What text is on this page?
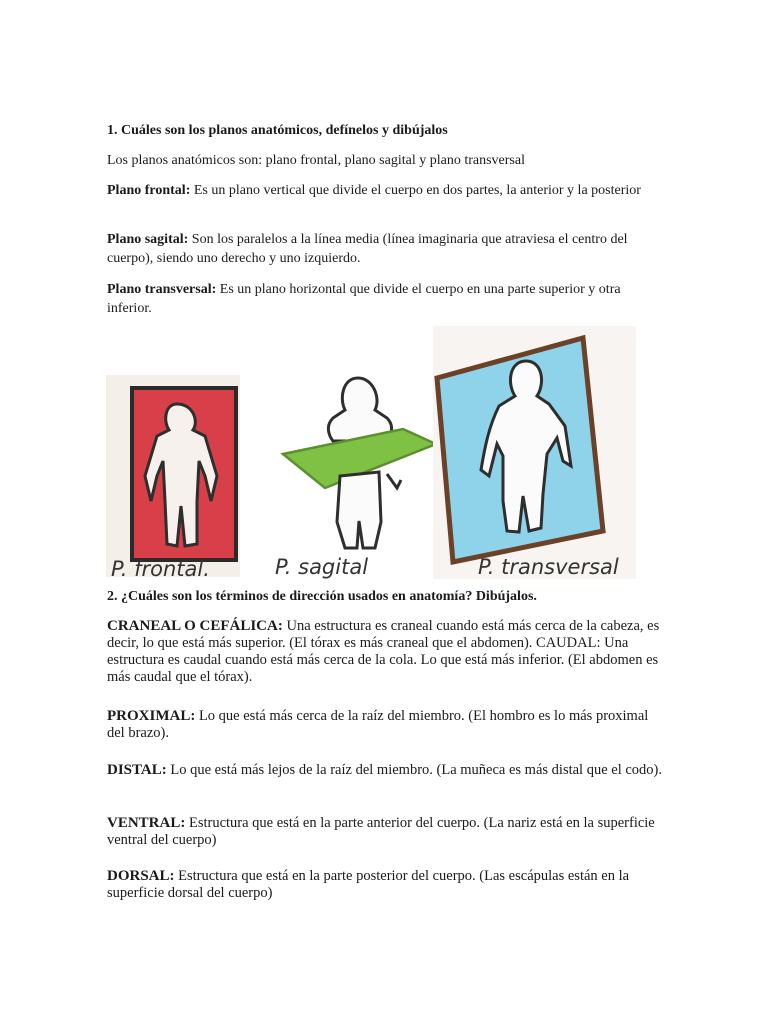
1. Cuáles son los planos anatómicos, defínelos y dibújalos

Los planos anatómicos son: plano frontal, plano sagital y plano transversal

Plano frontal: Es un plano vertical que divide el cuerpo en dos partes, la anterior y la posterior

Plano sagital: Son los paralelos a la línea media (línea imaginaria que atraviesa el centro del cuerpo), siendo uno derecho y uno izquierdo.

Plano transversal: Es un plano horizontal que divide el cuerpo en una parte superior y otra inferior.

P. frontal.	P. sagital	P. transversal
2. ¿Cuáles son los términos de dirección usados en anatomía? Dibújalos.

CRANEAL O CEFÁLICA: Una estructura es craneal cuando está más cerca de la cabeza, es decir, lo que está más superior. (El tórax es más craneal que el abdomen). CAUDAL: Una estructura es caudal cuando está más cerca de la cola. Lo que está más inferior. (El abdomen es más caudal que el tórax).

PROXIMAL: Lo que está más cerca de la raíz del miembro. (El hombro es lo más proximal del brazo).

DISTAL: Lo que está más lejos de la raíz del miembro. (La muñeca es más distal que el codo).

VENTRAL: Estructura que está en la parte anterior del cuerpo. (La nariz está en la superficie ventral del cuerpo)

DORSAL: Estructura que está en la parte posterior del cuerpo. (Las escápulas están en la superficie dorsal del cuerpo)
